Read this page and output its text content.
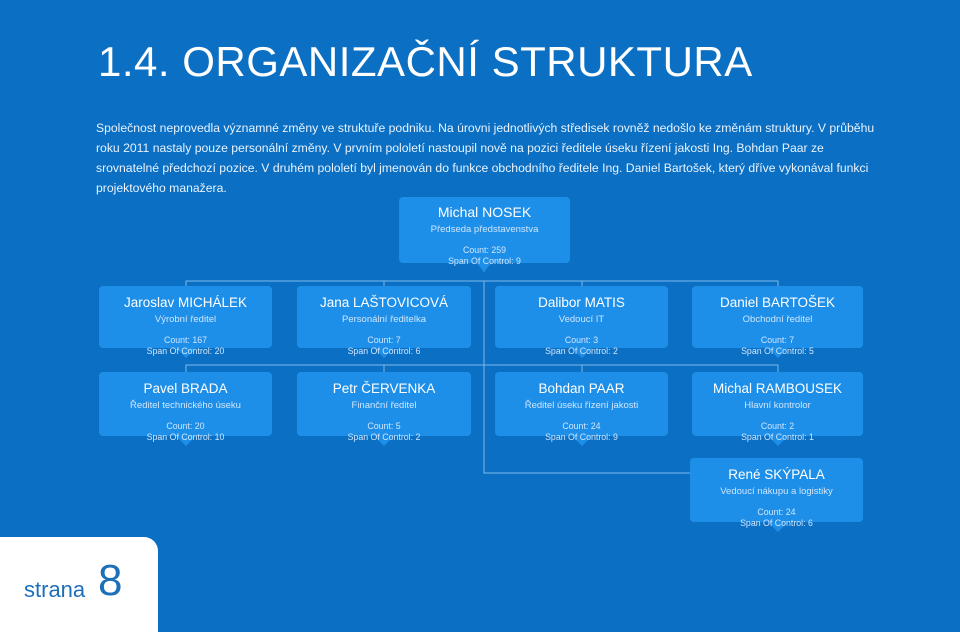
1.4. ORGANIZAČNÍ STRUKTURA
Společnost neprovedla významné změny ve struktuře podniku. Na úrovni jednotlivých středisek rovněž nedošlo ke změnám struktury. V průběhu roku 2011 nastaly pouze personální změny. V prvním pololetí nastoupil nově na pozici ředitele úseku řízení jakosti Ing. Bohdan Paar ze srovnatelné předchozí pozice. V druhém pololetí byl jmenován do funkce obchodního ředitele Ing. Daniel Bartošek, který dříve vykonával funkci projektového manažera.
Michal NOSEK
Předseda představenstva
Count: 259
Span Of Control: 9
Jaroslav MICHÁLEK
Výrobní ředitel
Count: 167
Span Of Control: 20
Jana LAŠTOVICOVÁ
Personální ředitelka
Count: 7
Span Of Control: 6
Dalibor MATIS
Vedoucí IT
Count: 3
Span Of Control: 2
Daniel BARTOŠEK
Obchodní ředitel
Count: 7
Span Of Control: 5
Pavel BRADA
Ředitel technického úseku
Count: 20
Span Of Control: 10
Petr ČERVENKA
Finanční ředitel
Count: 5
Span Of Control: 2
Bohdan PAAR
Ředitel úseku řízení jakosti
Count: 24
Span Of Control: 9
Michal RAMBOUSEK
Hlavní kontrolor
Count: 2
Span Of Control: 1
René SKÝPALA
Vedoucí nákupu a logistiky
Count: 24
Span Of Control: 6
strana 8
